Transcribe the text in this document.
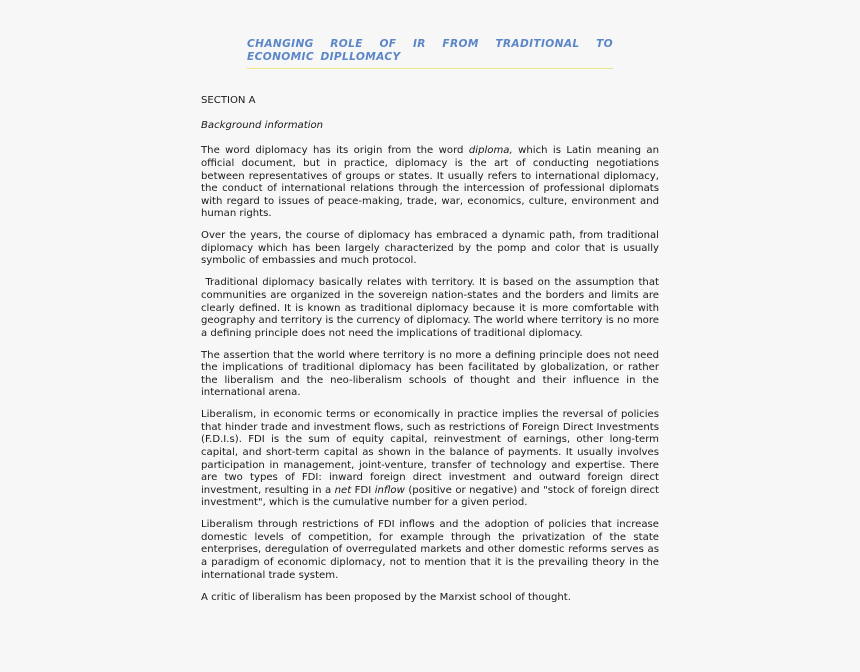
CHANGING ROLE OF IR FROM TRADITIONAL TO ECONOMIC DIPLLOMACY
SECTION A
Background information

The word diplomacy has its origin from the word diploma, which is Latin meaning an official document, but in practice, diplomacy is the art of conducting negotiations between representatives of groups or states. It usually refers to international diplomacy, the conduct of international relations through the intercession of professional diplomats with regard to issues of peace-making, trade, war, economics, culture, environment and human rights.

Over the years, the course of diplomacy has embraced a dynamic path, from traditional diplomacy which has been largely characterized by the pomp and color that is usually symbolic of embassies and much protocol.

Traditional diplomacy basically relates with territory. It is based on the assumption that communities are organized in the sovereign nation-states and the borders and limits are clearly defined. It is known as traditional diplomacy because it is more comfortable with geography and territory is the currency of diplomacy. The world where territory is no more a defining principle does not need the implications of traditional diplomacy.

The assertion that the world where territory is no more a defining principle does not need the implications of traditional diplomacy has been facilitated by globalization, or rather the liberalism and the neo-liberalism schools of thought and their influence in the international arena.

Liberalism, in economic terms or economically in practice implies the reversal of policies that hinder trade and investment flows, such as restrictions of Foreign Direct Investments (F.D.I.s). FDI is the sum of equity capital, reinvestment of earnings, other long-term capital, and short-term capital as shown in the balance of payments. It usually involves participation in management, joint-venture, transfer of technology and expertise. There are two types of FDI: inward foreign direct investment and outward foreign direct investment, resulting in a net FDI inflow (positive or negative) and "stock of foreign direct investment", which is the cumulative number for a given period.

Liberalism through restrictions of FDI inflows and the adoption of policies that increase domestic levels of competition, for example through the privatization of the state enterprises, deregulation of overregulated markets and other domestic reforms serves as a paradigm of economic diplomacy, not to mention that it is the prevailing theory in the international trade system.

A critic of liberalism has been proposed by the Marxist school of thought.
